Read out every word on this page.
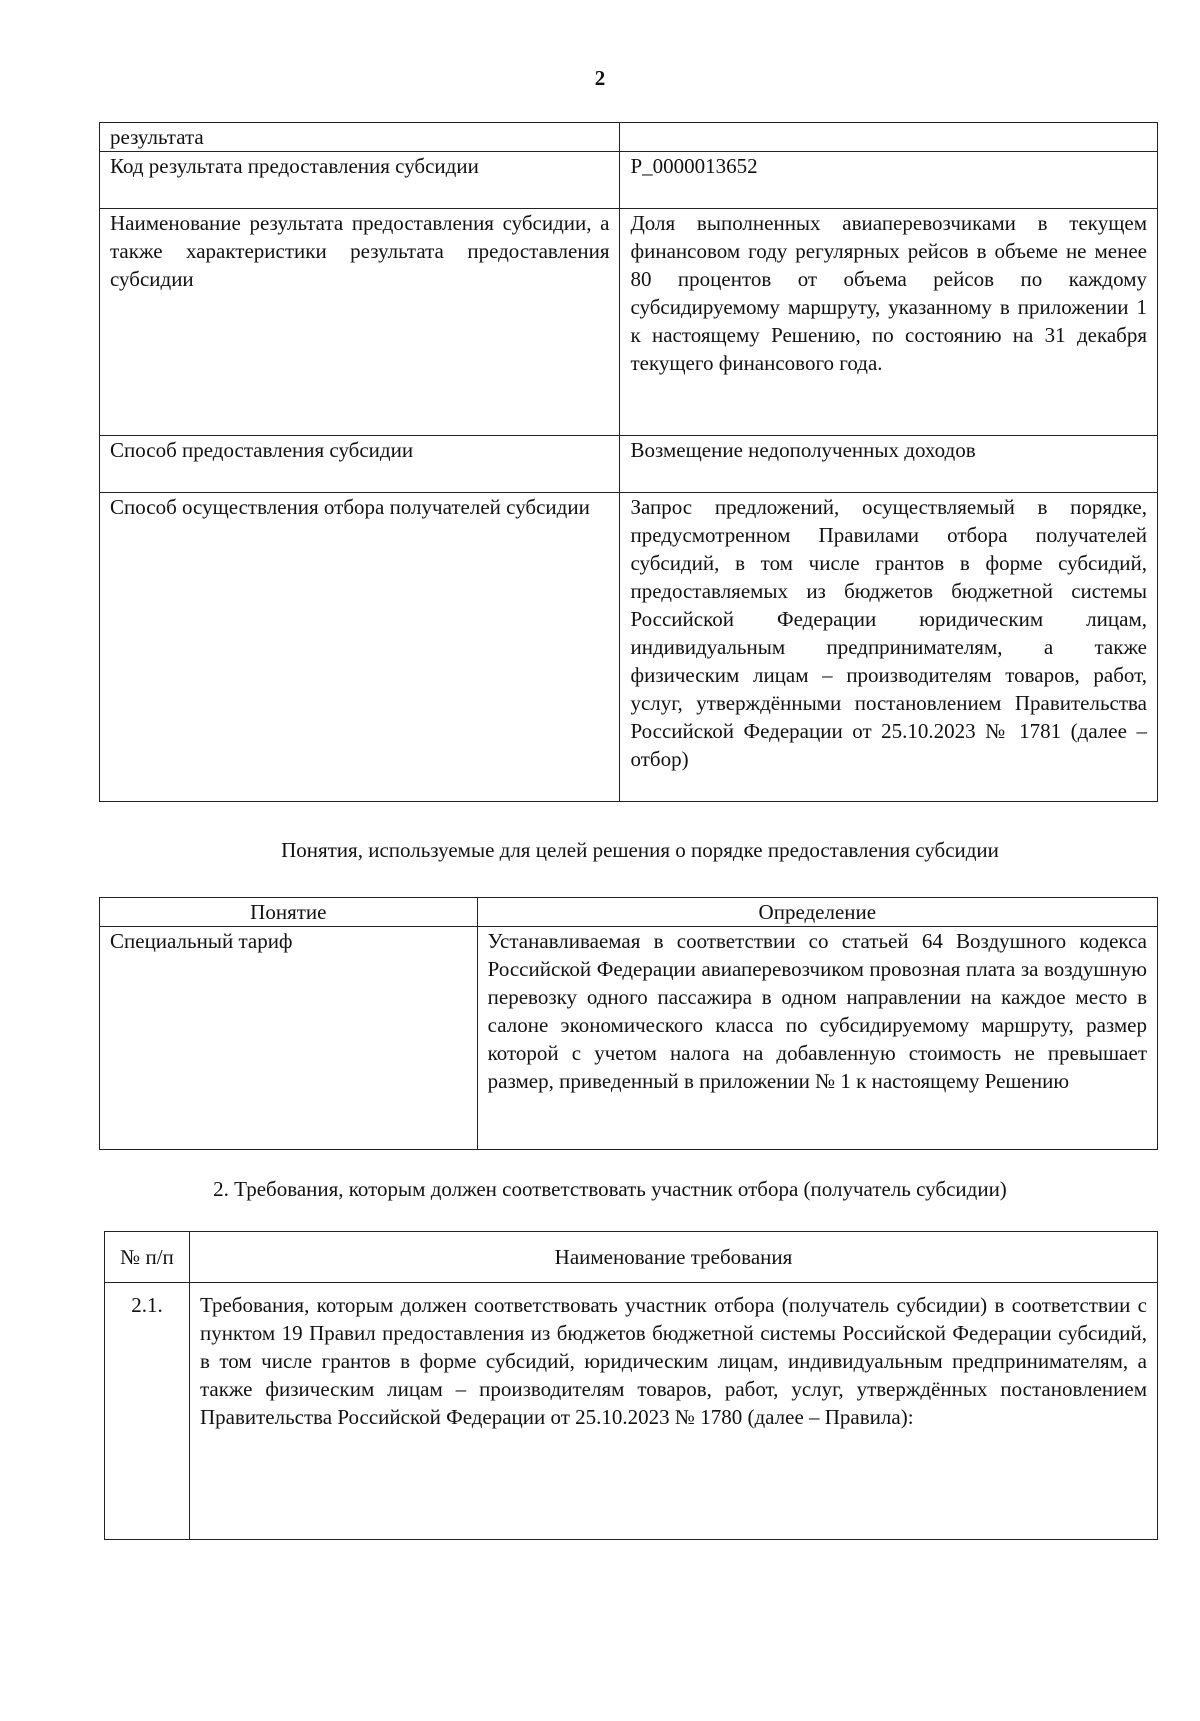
2
результата	
Код результата предоставления субсидии	Р_0000013652
Наименование результата предоставления субсидии, а также характеристики результата предоставления субсидии	Доля выполненных авиаперевозчиками в текущем финансовом году регулярных рейсов в объеме не менее 80 процентов от объема рейсов по каждому субсидируемому маршруту, указанному в приложении 1 к настоящему Решению, по состоянию на 31 декабря текущего финансового года.
Способ предоставления субсидии	Возмещение недополученных доходов
Способ осуществления отбора получателей субсидии	Запрос предложений, осуществляемый в порядке, предусмотренном Правилами отбора получателей субсидий, в том числе грантов в форме субсидий, предоставляемых из бюджетов бюджетной системы Российской Федерации юридическим лицам, индивидуальным предпринимателям, а также физическим лицам – производителям товаров, работ, услуг, утверждёнными постановлением Правительства Российской Федерации от 25.10.2023 № 1781 (далее – отбор)
Понятия, используемые для целей решения о порядке предоставления субсидии
Понятие	Определение
Специальный тариф	Устанавливаемая в соответствии со статьей 64 Воздушного кодекса Российской Федерации авиаперевозчиком провозная плата за воздушную перевозку одного пассажира в одном направлении на каждое место в салоне экономического класса по субсидируемому маршруту, размер которой с учетом налога на добавленную стоимость не превышает размер, приведенный в приложении № 1 к настоящему Решению
2. Требования, которым должен соответствовать участник отбора (получатель субсидии)
№ п/п	Наименование требования
2.1.	Требования, которым должен соответствовать участник отбора (получатель субсидии) в соответствии с пунктом 19 Правил предоставления из бюджетов бюджетной системы Российской Федерации субсидий, в том числе грантов в форме субсидий, юридическим лицам, индивидуальным предпринимателям, а также физическим лицам – производителям товаров, работ, услуг, утверждённых постановлением Правительства Российской Федерации от 25.10.2023 № 1780 (далее – Правила):
